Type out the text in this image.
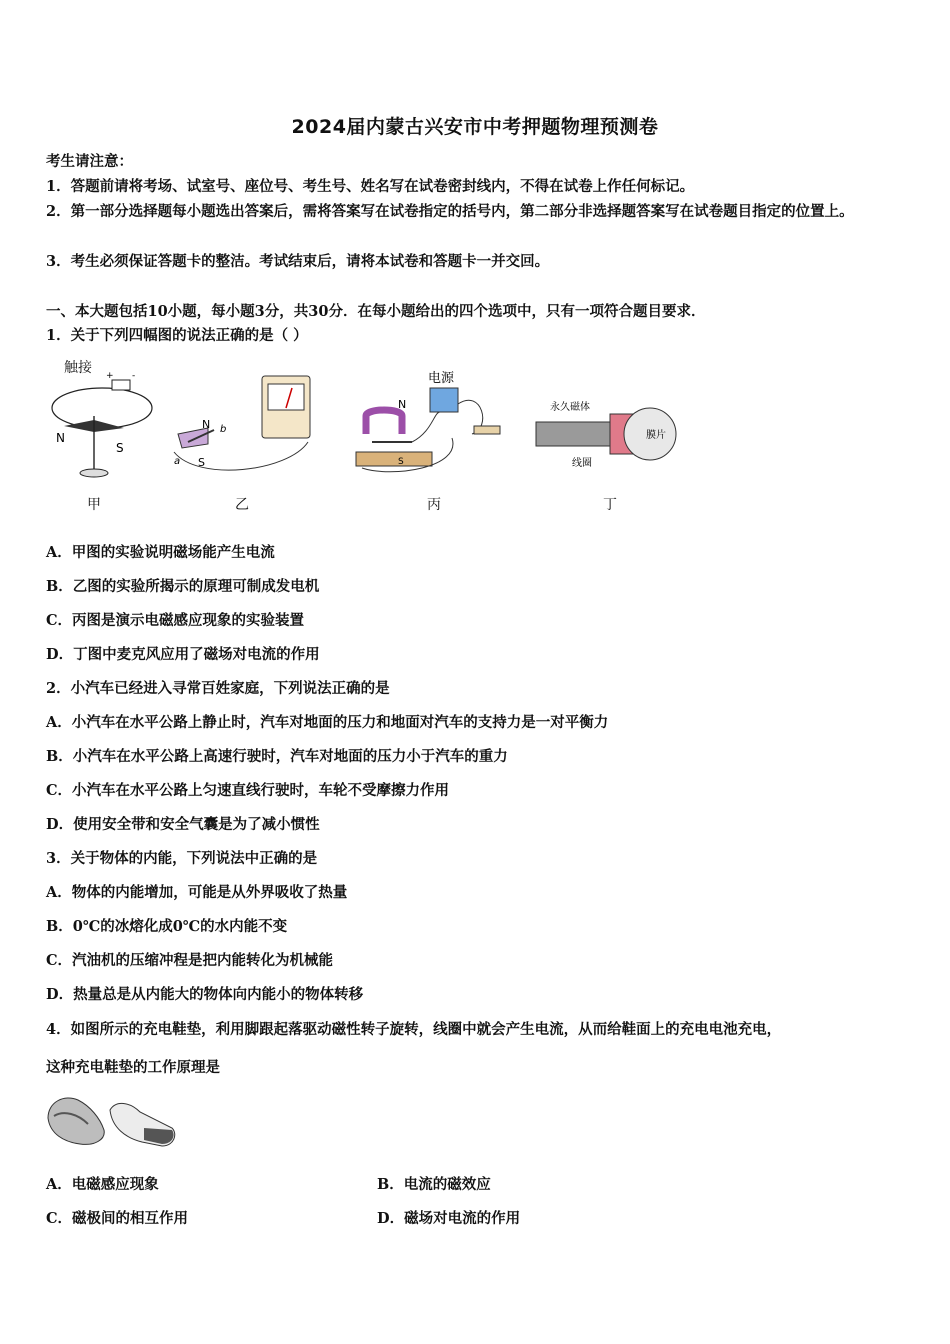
2024届内蒙古兴安市中考押题物理预测卷
考生请注意：
1．答题前请将考场、试室号、座位号、考生号、姓名写在试卷密封线内，不得在试卷上作任何标记。
2．第一部分选择题每小题选出答案后，需将答案写在试卷指定的括号内，第二部分非选择题答案写在试卷题目指定的位置上。
3．考生必须保证答题卡的整洁。考试结束后，请将本试卷和答题卡一并交回。
一、本大题包括10小题，每小题3分，共30分．在每小题给出的四个选项中，只有一项符合题目要求．
1．关于下列四幅图的说法正确的是（ ）
触接 + -
N
S
甲
N
S
a
b
乙
电源
N
S
丙
永久磁体
膜片
线圈
丁
A．甲图的实验说明磁场能产生电流
B．乙图的实验所揭示的原理可制成发电机
C．丙图是演示电磁感应现象的实验装置
D．丁图中麦克风应用了磁场对电流的作用
2．小汽车已经进入寻常百姓家庭，下列说法正确的是
A．小汽车在水平公路上静止时，汽车对地面的压力和地面对汽车的支持力是一对平衡力
B．小汽车在水平公路上高速行驶时，汽车对地面的压力小于汽车的重力
C．小汽车在水平公路上匀速直线行驶时，车轮不受摩擦力作用
D．使用安全带和安全气囊是为了减小惯性
3．关于物体的内能，下列说法中正确的是
A．物体的内能增加，可能是从外界吸收了热量
B．0℃的冰熔化成0℃的水内能不变
C．汽油机的压缩冲程是把内能转化为机械能
D．热量总是从内能大的物体向内能小的物体转移
4．如图所示的充电鞋垫，利用脚跟起落驱动磁性转子旋转，线圈中就会产生电流，从而给鞋面上的充电电池充电，
这种充电鞋垫的工作原理是
A．电磁感应现象	B．电流的磁效应
C．磁极间的相互作用	D．磁场对电流的作用
